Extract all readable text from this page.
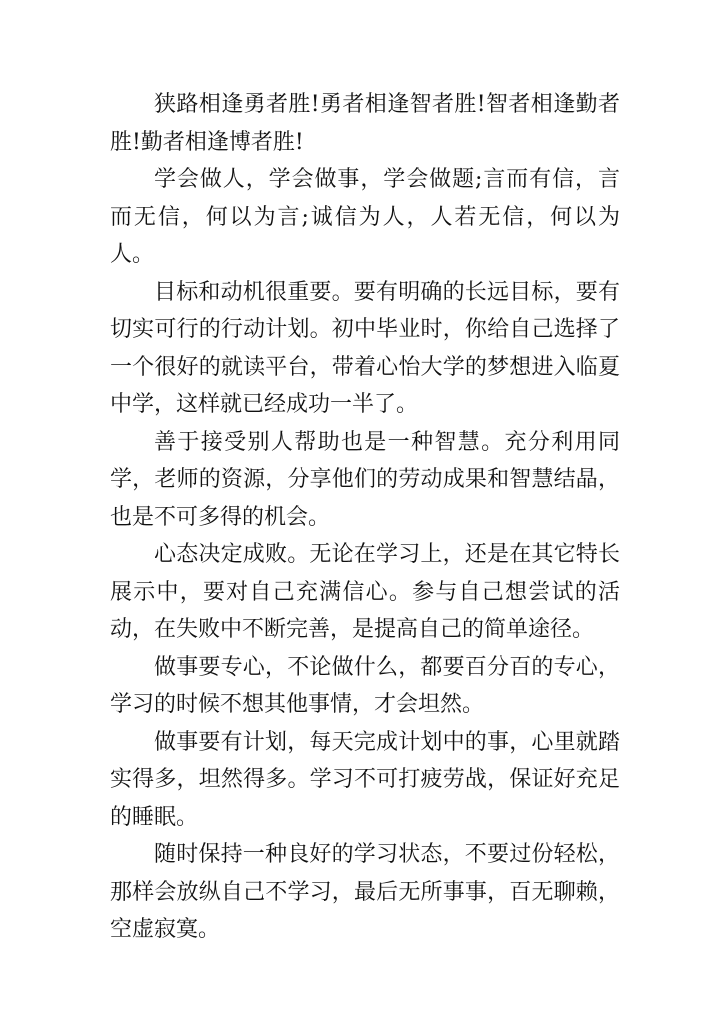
狭路相逢勇者胜!勇者相逢智者胜!智者相逢勤者胜!勤者相逢博者胜!

学会做人，学会做事，学会做题;言而有信，言而无信，何以为言;诚信为人，人若无信，何以为人。

目标和动机很重要。要有明确的长远目标，要有切实可行的行动计划。初中毕业时，你给自己选择了一个很好的就读平台，带着心怡大学的梦想进入临夏中学，这样就已经成功一半了。

善于接受别人帮助也是一种智慧。充分利用同学，老师的资源，分享他们的劳动成果和智慧结晶，也是不可多得的机会。

心态决定成败。无论在学习上，还是在其它特长展示中，要对自己充满信心。参与自己想尝试的活动，在失败中不断完善，是提高自己的简单途径。

做事要专心，不论做什么，都要百分百的专心，学习的时候不想其他事情，才会坦然。

做事要有计划，每天完成计划中的事，心里就踏实得多，坦然得多。学习不可打疲劳战，保证好充足的睡眠。

随时保持一种良好的学习状态，不要过份轻松，那样会放纵自己不学习，最后无所事事，百无聊赖，空虚寂寞。
